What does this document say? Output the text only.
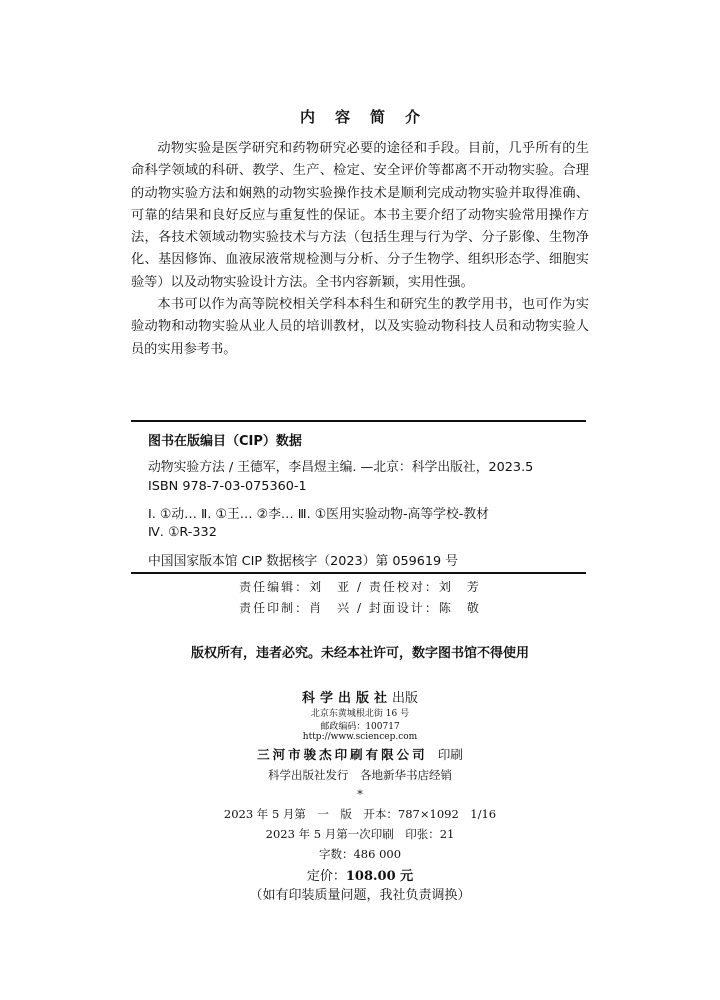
内容简介

动物实验是医学研究和药物研究必要的途径和手段。目前，几乎所有的生命科学领域的科研、教学、生产、检定、安全评价等都离不开动物实验。合理的动物实验方法和娴熟的动物实验操作技术是顺利完成动物实验并取得准确、可靠的结果和良好反应与重复性的保证。本书主要介绍了动物实验常用操作方法，各技术领域动物实验技术与方法（包括生理与行为学、分子影像、生物净化、基因修饰、血液尿液常规检测与分析、分子生物学、组织形态学、细胞实验等）以及动物实验设计方法。全书内容新颖，实用性强。

本书可以作为高等院校相关学科本科生和研究生的教学用书，也可作为实验动物和动物实验从业人员的培训教材，以及实验动物科技人员和动物实验人员的实用参考书。

图书在版编目（CIP）数据
动物实验方法 / 王德军，李昌煜主编. —北京：科学出版社，2023.5
ISBN 978-7-03-075360-1
Ⅰ. ①动… Ⅱ. ①王… ②李… Ⅲ. ①医用实验动物-高等学校-教材
Ⅳ. ①R-332
中国国家版本馆 CIP 数据核字（2023）第 059619 号
责任编辑：刘　亚 / 责任校对：刘　芳
责任印制：肖　兴 / 封面设计：陈　敬
版权所有，违者必究。未经本社许可，数字图书馆不得使用
科学出版社出版
北京东黄城根北街 16 号
邮政编码：100717
http://www.sciencep.com
三河市骏杰印刷有限公司 印刷
科学出版社发行　各地新华书店经销
*
2023 年 5 月第　一　版　开本：787×1092　1/16
2023 年 5 月第一次印刷　印张：21
字数：486 000
定价：108.00 元
（如有印装质量问题，我社负责调换）
